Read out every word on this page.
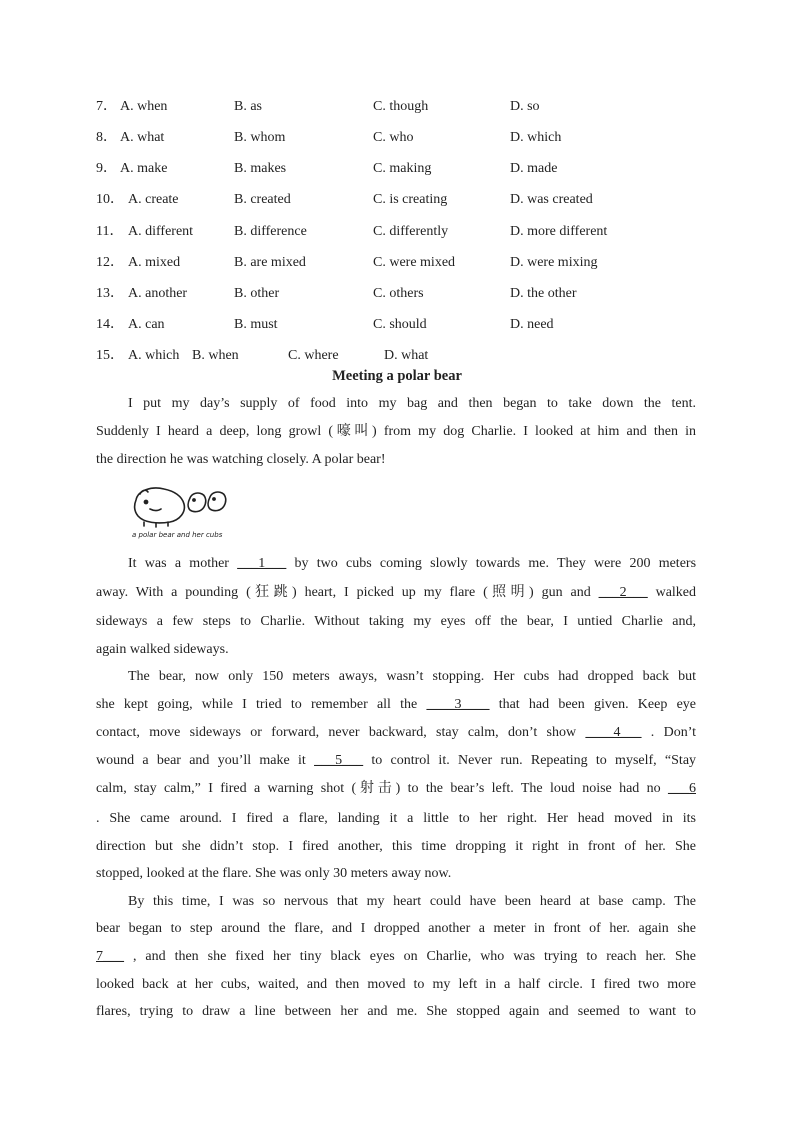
7． A. when	B. as	C. though	D. so
8． A. what	B. whom	C. who	D. which
9． A. make	B. makes	C. making	D. made
10． A. create	B. created	C. is creating	D. was created
11． A. different	B. difference	C. differently	D. more different
12． A. mixed	B. are mixed	C. were mixed	D. were mixing
13． A. another	B. other	C. others	D. the other
14． A. can	B. must	C. should	D. need
15． A. which B. when	C. where	D. what
Meeting a polar bear
I put my day’s supply of food into my bag and then began to take down the tent.
Suddenly I heard a deep, long growl (嚎叫) from my dog Charlie. I looked at him and then in
the direction he was watching closely. A polar bear!
a polar bear and her cubs
It was a mother ___1___ by two cubs coming slowly towards me. They were 200 meters
away. With a pounding (狂跳) heart, I picked up my flare (照明) gun and ___2___ walked
sideways a few steps to Charlie. Without taking my eyes off the bear, I untied Charlie and,
again walked sideways.
The bear, now only 150 meters aways, wasn’t stopping. Her cubs had dropped back but
she kept going, while I tried to remember all the ____3____ that had been given. Keep eye
contact, move sideways or forward, never backward, stay calm, don’t show ____4___ . Don’t
wound a bear and you’ll make it ___5___ to control it. Never run. Repeating to myself, “Stay
calm, stay calm,” I fired a warning shot (射击) to the bear’s left. The loud noise had no ___6
. She came around. I fired a flare, landing it a little to her right. Her head moved in its
direction but she didn’t stop. I fired another, this time dropping it right in front of her. She
stopped, looked at the flare. She was only 30 meters away now.
By this time, I was so nervous that my heart could have been heard at base camp. The
bear began to step around the flare, and I dropped another a meter in front of her. again she
7___ , and then she fixed her tiny black eyes on Charlie, who was trying to reach her. She
looked back at her cubs, waited, and then moved to my left in a half circle. I fired two more
flares, trying to draw a line between her and me. She stopped again and seemed to want to
